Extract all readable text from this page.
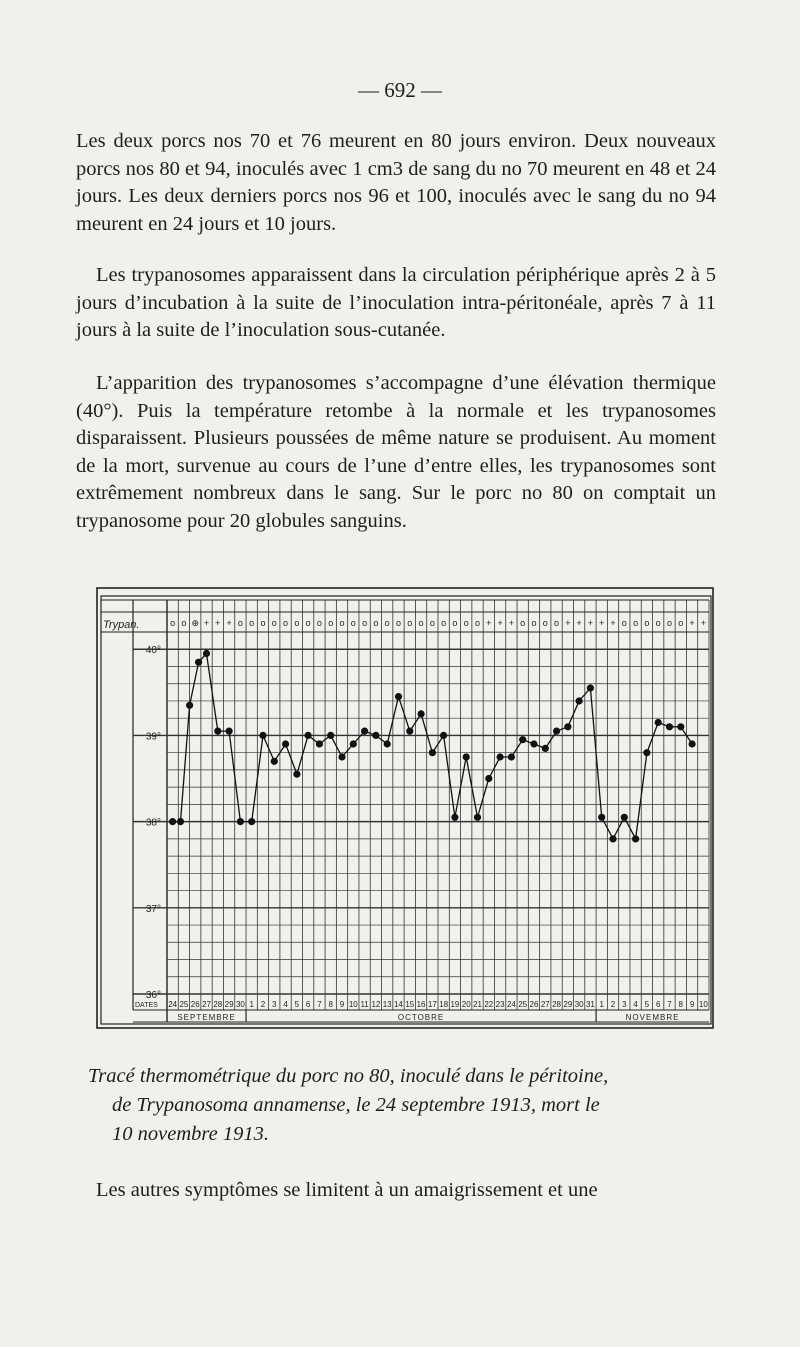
— 692 —

Les deux porcs nos 70 et 76 meurent en 80 jours environ. Deux nouveaux porcs nos 80 et 94, inoculés avec 1 cm3 de sang du no 70 meurent en 48 et 24 jours. Les deux derniers porcs nos 96 et 100, inoculés avec le sang du no 94 meurent en 24 jours et 10 jours.

Les trypanosomes apparaissent dans la circulation périphérique après 2 à 5 jours d’incubation à la suite de l’inoculation intra-péritonéale, après 7 à 11 jours à la suite de l’inoculation sous-cutanée.

L’apparition des trypanosomes s’accompagne d’une élévation thermique (40°). Puis la température retombe à la normale et les trypanosomes disparaissent. Plusieurs poussées de même nature se produisent. Au moment de la mort, survenue au cours de l’une d’entre elles, les trypanosomes sont extrêmement nombreux dans le sang. Sur le porc no 80 on comptait un trypanosome pour 20 globules sanguins.

Trypan.	o o ⊕ + + + o o o o o o o o o o o o o o o o o o o o o o + + + o o o o + + + + + o o o o o o + +
40°
39°
38°
37°
36°
DATES 24 25 26 27 28 29 30 1 2 3 4 5 6 7 8 9 10 11 12 13 14 15 16 17 18 19 20 21 22 23 24 25 26 27 28 29 30 31 1 2 3 4 5 6 7 8 9 10
SEPTEMBRE	OCTOBRE	NOVEMBRE
Tracé thermométrique du porc no 80, inoculé dans le péritoine,
de Trypanosoma annamense, le 24 septembre 1913, mort le
10 novembre 1913.

Les autres symptômes se limitent à un amaigrissement et une
